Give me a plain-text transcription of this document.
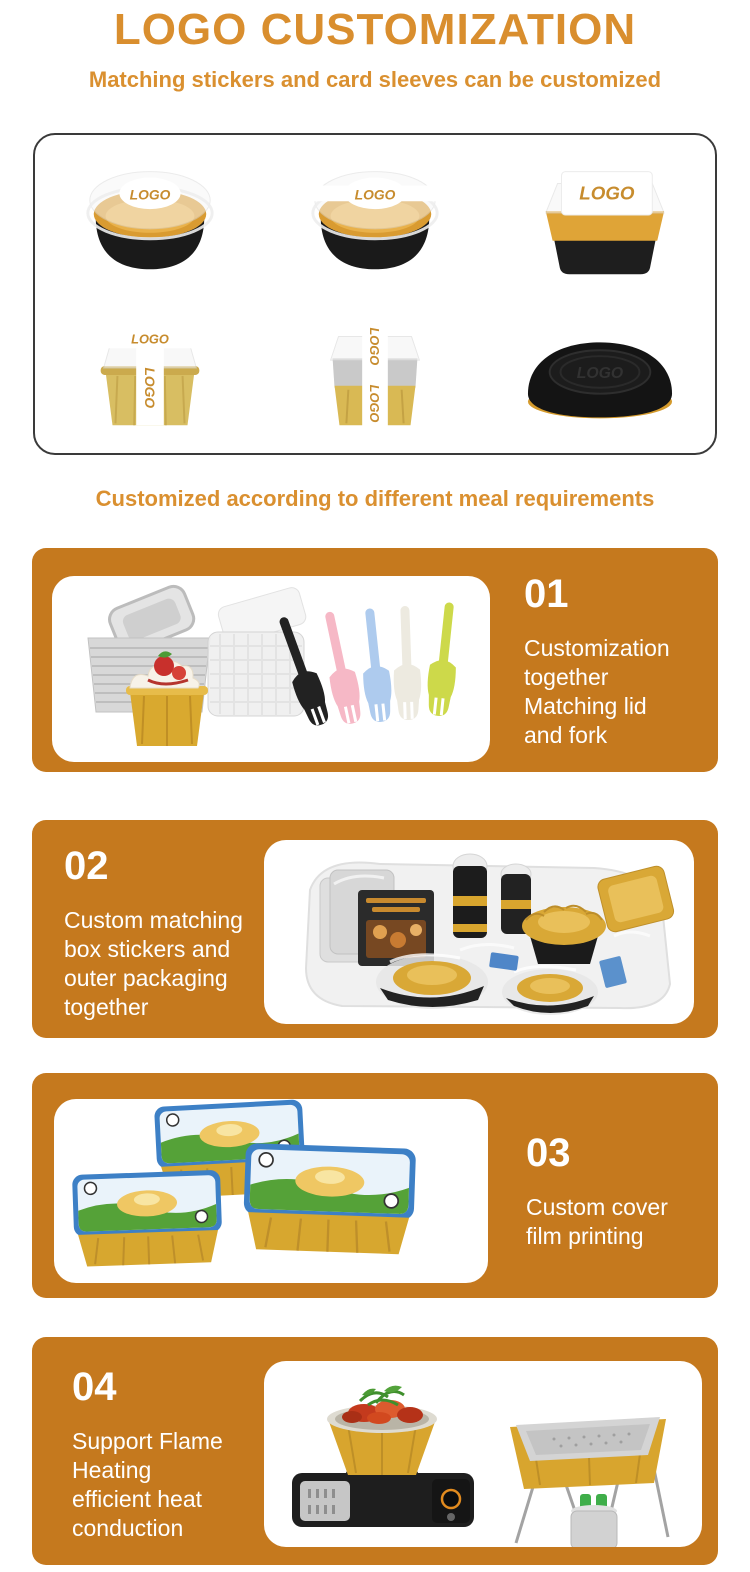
LOGO CUSTOMIZATION
Matching stickers and card sleeves can be customized
LOGO	LOGO	LOGO
LOGO
LOGO
LOGO
LOGO
LOGO
Customized according to different meal requirements
01
Customization
together
Matching lid
and fork
02
Custom matching
box stickers and
outer packaging
together
03
Custom cover
film printing
04
Support Flame
Heating
efficient heat
conduction
